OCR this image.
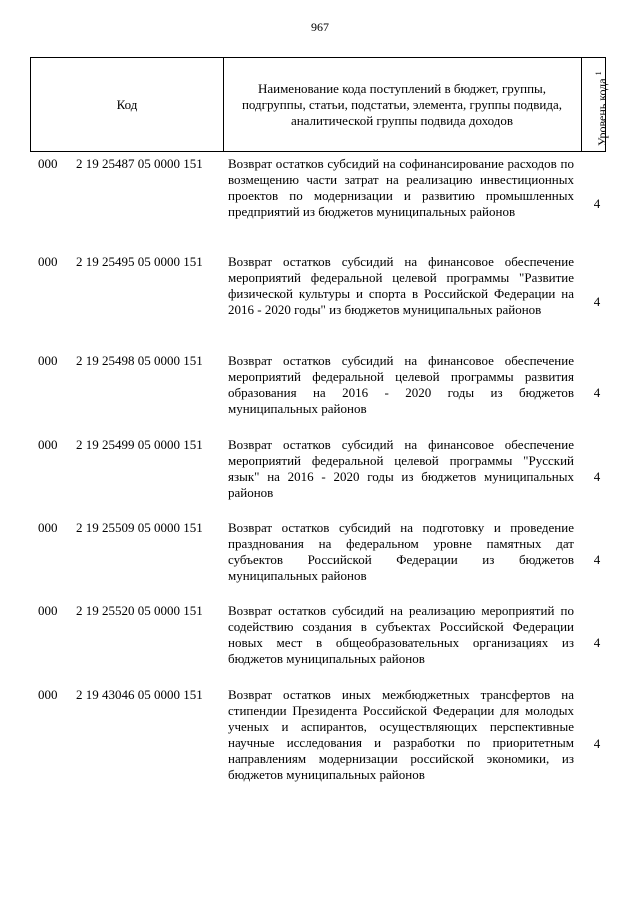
967
Код
Наименование кода поступлений в бюджет, группы, подгруппы, статьи, подстатьи, элемента, группы подвида, аналитической группы подвида доходов	Уровень кода $^1$
000 2 19 25487 05 0000 151 Возврат остатков субсидий на софинансирование расходов по возмещению части затрат на реализацию инвестиционных проектов по модернизации и развитию промышленных предприятий из бюджетов муниципальных районов
4
000 2 19 25495 05 0000 151 Возврат остатков субсидий на финансовое обеспечение мероприятий федеральной целевой программы "Развитие физической культуры и спорта в Российской Федерации на 2016 - 2020 годы" из бюджетов муниципальных районов
4
000 2 19 25498 05 0000 151 Возврат остатков субсидий на финансовое обеспечение мероприятий федеральной целевой программы развития образования на 2016 - 2020 годы из бюджетов муниципальных районов
4
000 2 19 25499 05 0000 151 Возврат остатков субсидий на финансовое обеспечение мероприятий федеральной целевой программы "Русский язык" на 2016 - 2020 годы из бюджетов муниципальных районов
4
000 2 19 25509 05 0000 151 Возврат остатков субсидий на подготовку и проведение празднования на федеральном уровне памятных дат субъектов Российской Федерации из бюджетов муниципальных районов
4
000 2 19 25520 05 0000 151 Возврат остатков субсидий на реализацию мероприятий по содействию создания в субъектах Российской Федерации новых мест в общеобразовательных организациях из бюджетов муниципальных районов
4
000 2 19 43046 05 0000 151 Возврат остатков иных межбюджетных трансфертов на стипендии Президента Российской Федерации для молодых ученых и аспирантов, осуществляющих перспективные научные исследования и разработки по приоритетным направлениям модернизации российской экономики, из бюджетов муниципальных районов
4
